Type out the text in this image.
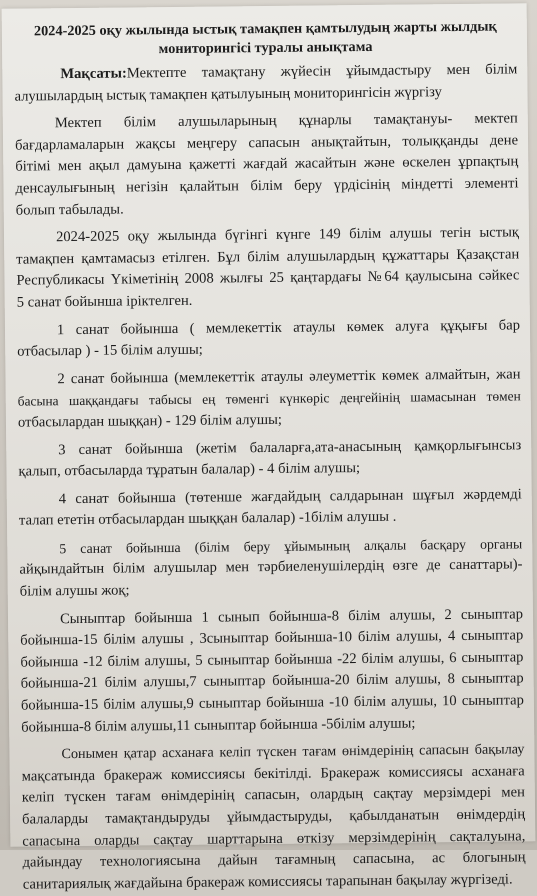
2024-2025 оқу жылында ыстық тамақпен қамтылудың жарты жылдық
мониторингісі туралы анықтама
Мақсаты:Мектепте тамақтану жүйесін ұйымдастыру мен білім
алушылардың ыстық тамақпен қатылуының мониторингісін жүргізу
Мектеп білім алушыларының құнарлы тамақтануы- мектеп
бағдарламаларын жақсы меңгеру сапасын анықтайтын, толыққанды дене
бітімі мен ақыл дамуына қажетті жағдай жасайтын және өскелен ұрпақтың
денсаулығының негізін қалайтын білім беру үрдісінің міндетті элементі
болып табылады.
2024-2025 оқу жылында бүгінгі күнге 149 білім алушы тегін ыстық
тамақпен қамтамасыз етілген. Бұл білім алушылардың құжаттары Қазақстан
Республикасы Үкіметінің 2008 жылғы 25 қаңтардағы №64 қаулысына сәйкес
5 санат бойынша іріктелген.
1 санат бойынша ( мемлекеттік атаулы көмек алуға құқығы бар
отбасылар ) - 15 білім алушы;
2 санат бойынша (мемлекеттік атаулы әлеуметтік көмек алмайтын, жан
басына шаққандағы табысы ең төменгі күнкөріс деңгейінің шамасынан төмен
отбасылардан шыққан) - 129 білім алушы;
3 санат бойынша (жетім балаларға,ата-анасының қамқорлығынсыз
қалып, отбасыларда тұратын балалар) - 4 білім алушы;
4 санат бойынша (төтенше жағдайдың салдарынан шұғыл жәрдемді
талап ететін отбасылардан шыққан балалар) -1білім алушы .
5 санат бойынша (білім беру ұйымының алқалы басқару органы
айқындайтын білім алушылар мен тәрбиеленушілердің өзге де санаттары)-
білім алушы жоқ;
Сыныптар бойынша 1 сынып бойынша-8 білім алушы, 2 сыныптар
бойынша-15 білім алушы , 3сыныптар бойынша-10 білім алушы, 4 сыныптар
бойынша -12 білім алушы, 5 сыныптар бойынша -22 білім алушы, 6 сыныптар
бойынша-21 білім алушы,7 сыныптар бойынша-20 білім алушы, 8 сыныптар
бойынша-15 білім алушы,9 сыныптар бойынша -10 білім алушы, 10 сыныптар
бойынша-8 білім алушы,11 сыныптар бойынша -5білім алушы;
Сонымен қатар асханаға келіп түскен тағам өнімдерінің сапасын бақылау
мақсатында бракераж комиссиясы бекітілді. Бракераж комиссиясы асханаға
келіп түскен тағам өнімдерінің сапасын, олардың сақтау мерзімдері мен
балаларды тамақтандыруды ұйымдастыруды, қабылданатын өнімдердің
сапасына оларды сақтау шарттарына өткізу мерзімдерінің сақталуына,
дайындау технологиясына дайын тағамның сапасына, ас блогының
санитариялық жағдайына бракераж комиссиясы тарапынан бақылау жүргізеді.
